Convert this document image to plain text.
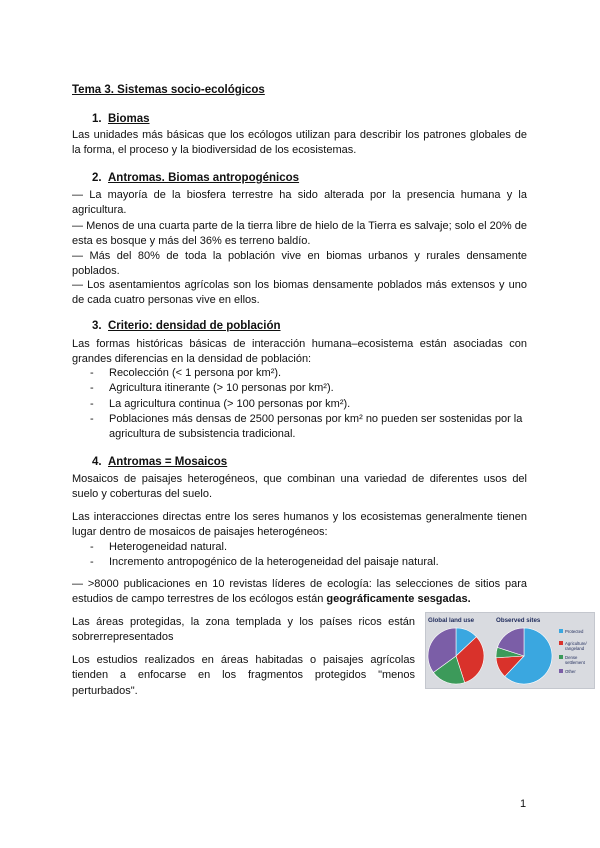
Tema 3. Sistemas socio-ecológicos
1. Biomas

Las unidades más básicas que los ecólogos utilizan para describir los patrones globales de la forma, el proceso y la biodiversidad de los ecosistemas.

2. Antromas. Biomas antropogénicos

— La mayoría de la biosfera terrestre ha sido alterada por la presencia humana y la agricultura.

— Menos de una cuarta parte de la tierra libre de hielo de la Tierra es salvaje; solo el 20% de esta es bosque y más del 36% es terreno baldío.

— Más del 80% de toda la población vive en biomas urbanos y rurales densamente poblados.

— Los asentamientos agrícolas son los biomas densamente poblados más extensos y uno de cada cuatro personas vive en ellos.

3. Criterio: densidad de población

Las formas históricas básicas de interacción humana–ecosistema están asociadas con grandes diferencias en la densidad de población:

- Recolección (< 1 persona por km²).
- Agricultura itinerante (> 10 personas por km²).
- La agricultura continua (> 100 personas por km²).
- Poblaciones más densas de 2500 personas por km² no pueden ser sostenidas por la agricultura de subsistencia tradicional.
4. Antromas = Mosaicos

Mosaicos de paisajes heterogéneos, que combinan una variedad de diferentes usos del suelo y coberturas del suelo.

Las interacciones directas entre los seres humanos y los ecosistemas generalmente tienen lugar dentro de mosaicos de paisajes heterogéneos:

- Heterogeneidad natural.
- Incremento antropogénico de la heterogeneidad del paisaje natural.

— >8000 publicaciones en 10 revistas líderes de ecología: las selecciones de sitios para estudios de campo terrestres de los ecólogos están geográficamente sesgadas.

Las áreas protegidas, la zona templada y los países ricos están sobrerrepresentados

Los estudios realizados en áreas habitadas o paisajes agrícolas tienden a enfocarse en los fragmentos protegidos "menos perturbados".

Global land use	Observed sites
Protected
Agriculture/
rangeland
Dense
settlement
Other
1
